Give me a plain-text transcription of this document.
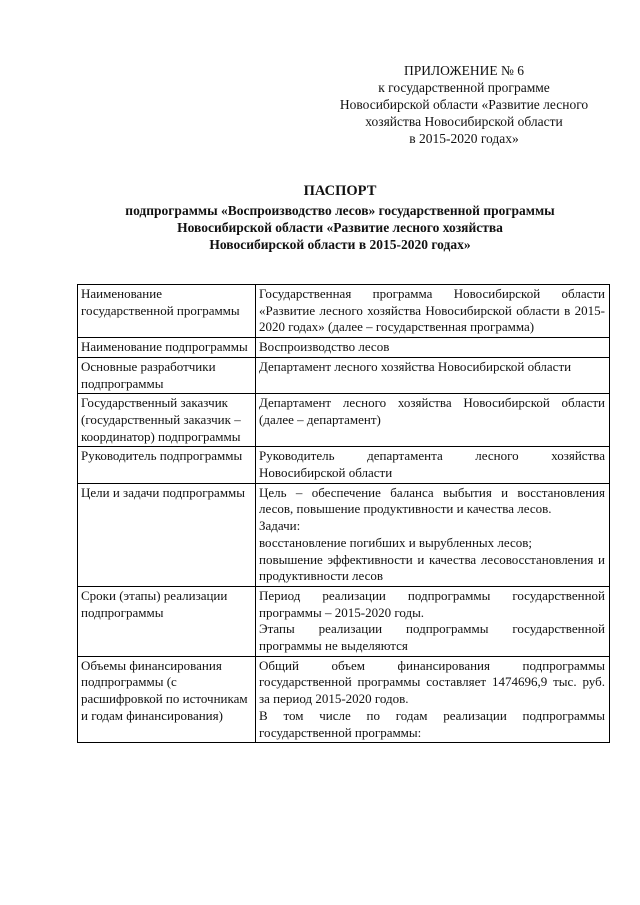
ПРИЛОЖЕНИЕ № 6
к государственной программе
Новосибирской области «Развитие лесного
хозяйства Новосибирской области
в 2015-2020 годах»
ПАСПОРТ
подпрограммы «Воспроизводство лесов» государственной программы
Новосибирской области «Развитие лесного хозяйства
Новосибирской области в 2015-2020 годах»
Наименование государственной программы	Государственная программа Новосибирской области «Развитие лесного хозяйства Новосибирской области в 2015-2020 годах» (далее – государственная программа)

Наименование подпрограммы	Воспроизводство лесов

Основные разработчики подпрограммы	Департамент лесного хозяйства Новосибирской области

Государственный заказчик (государственный заказчик – координатор) подпрограммы	Департамент лесного хозяйства Новосибирской области (далее – департамент)

Руководитель подпрограммы	Руководитель департамента лесного хозяйства Новосибирской области

Цели и задачи подпрограммы	Цель – обеспечение баланса выбытия и восстановления лесов, повышение продуктивности и качества лесов.
Задачи:
восстановление погибших и вырубленных лесов;
повышение эффективности и качества лесовосстановления и продуктивности лесов

Сроки (этапы) реализации подпрограммы	Период реализации подпрограммы государственной программы – 2015-2020 годы.
Этапы реализации подпрограммы государственной программы не выделяются

Объемы финансирования подпрограммы (с расшифровкой по источникам и годам финансирования)	Общий объем финансирования подпрограммы государственной программы составляет 1474696,9 тыс. руб. за период 2015-2020 годов.
В том числе по годам реализации подпрограммы государственной программы:
